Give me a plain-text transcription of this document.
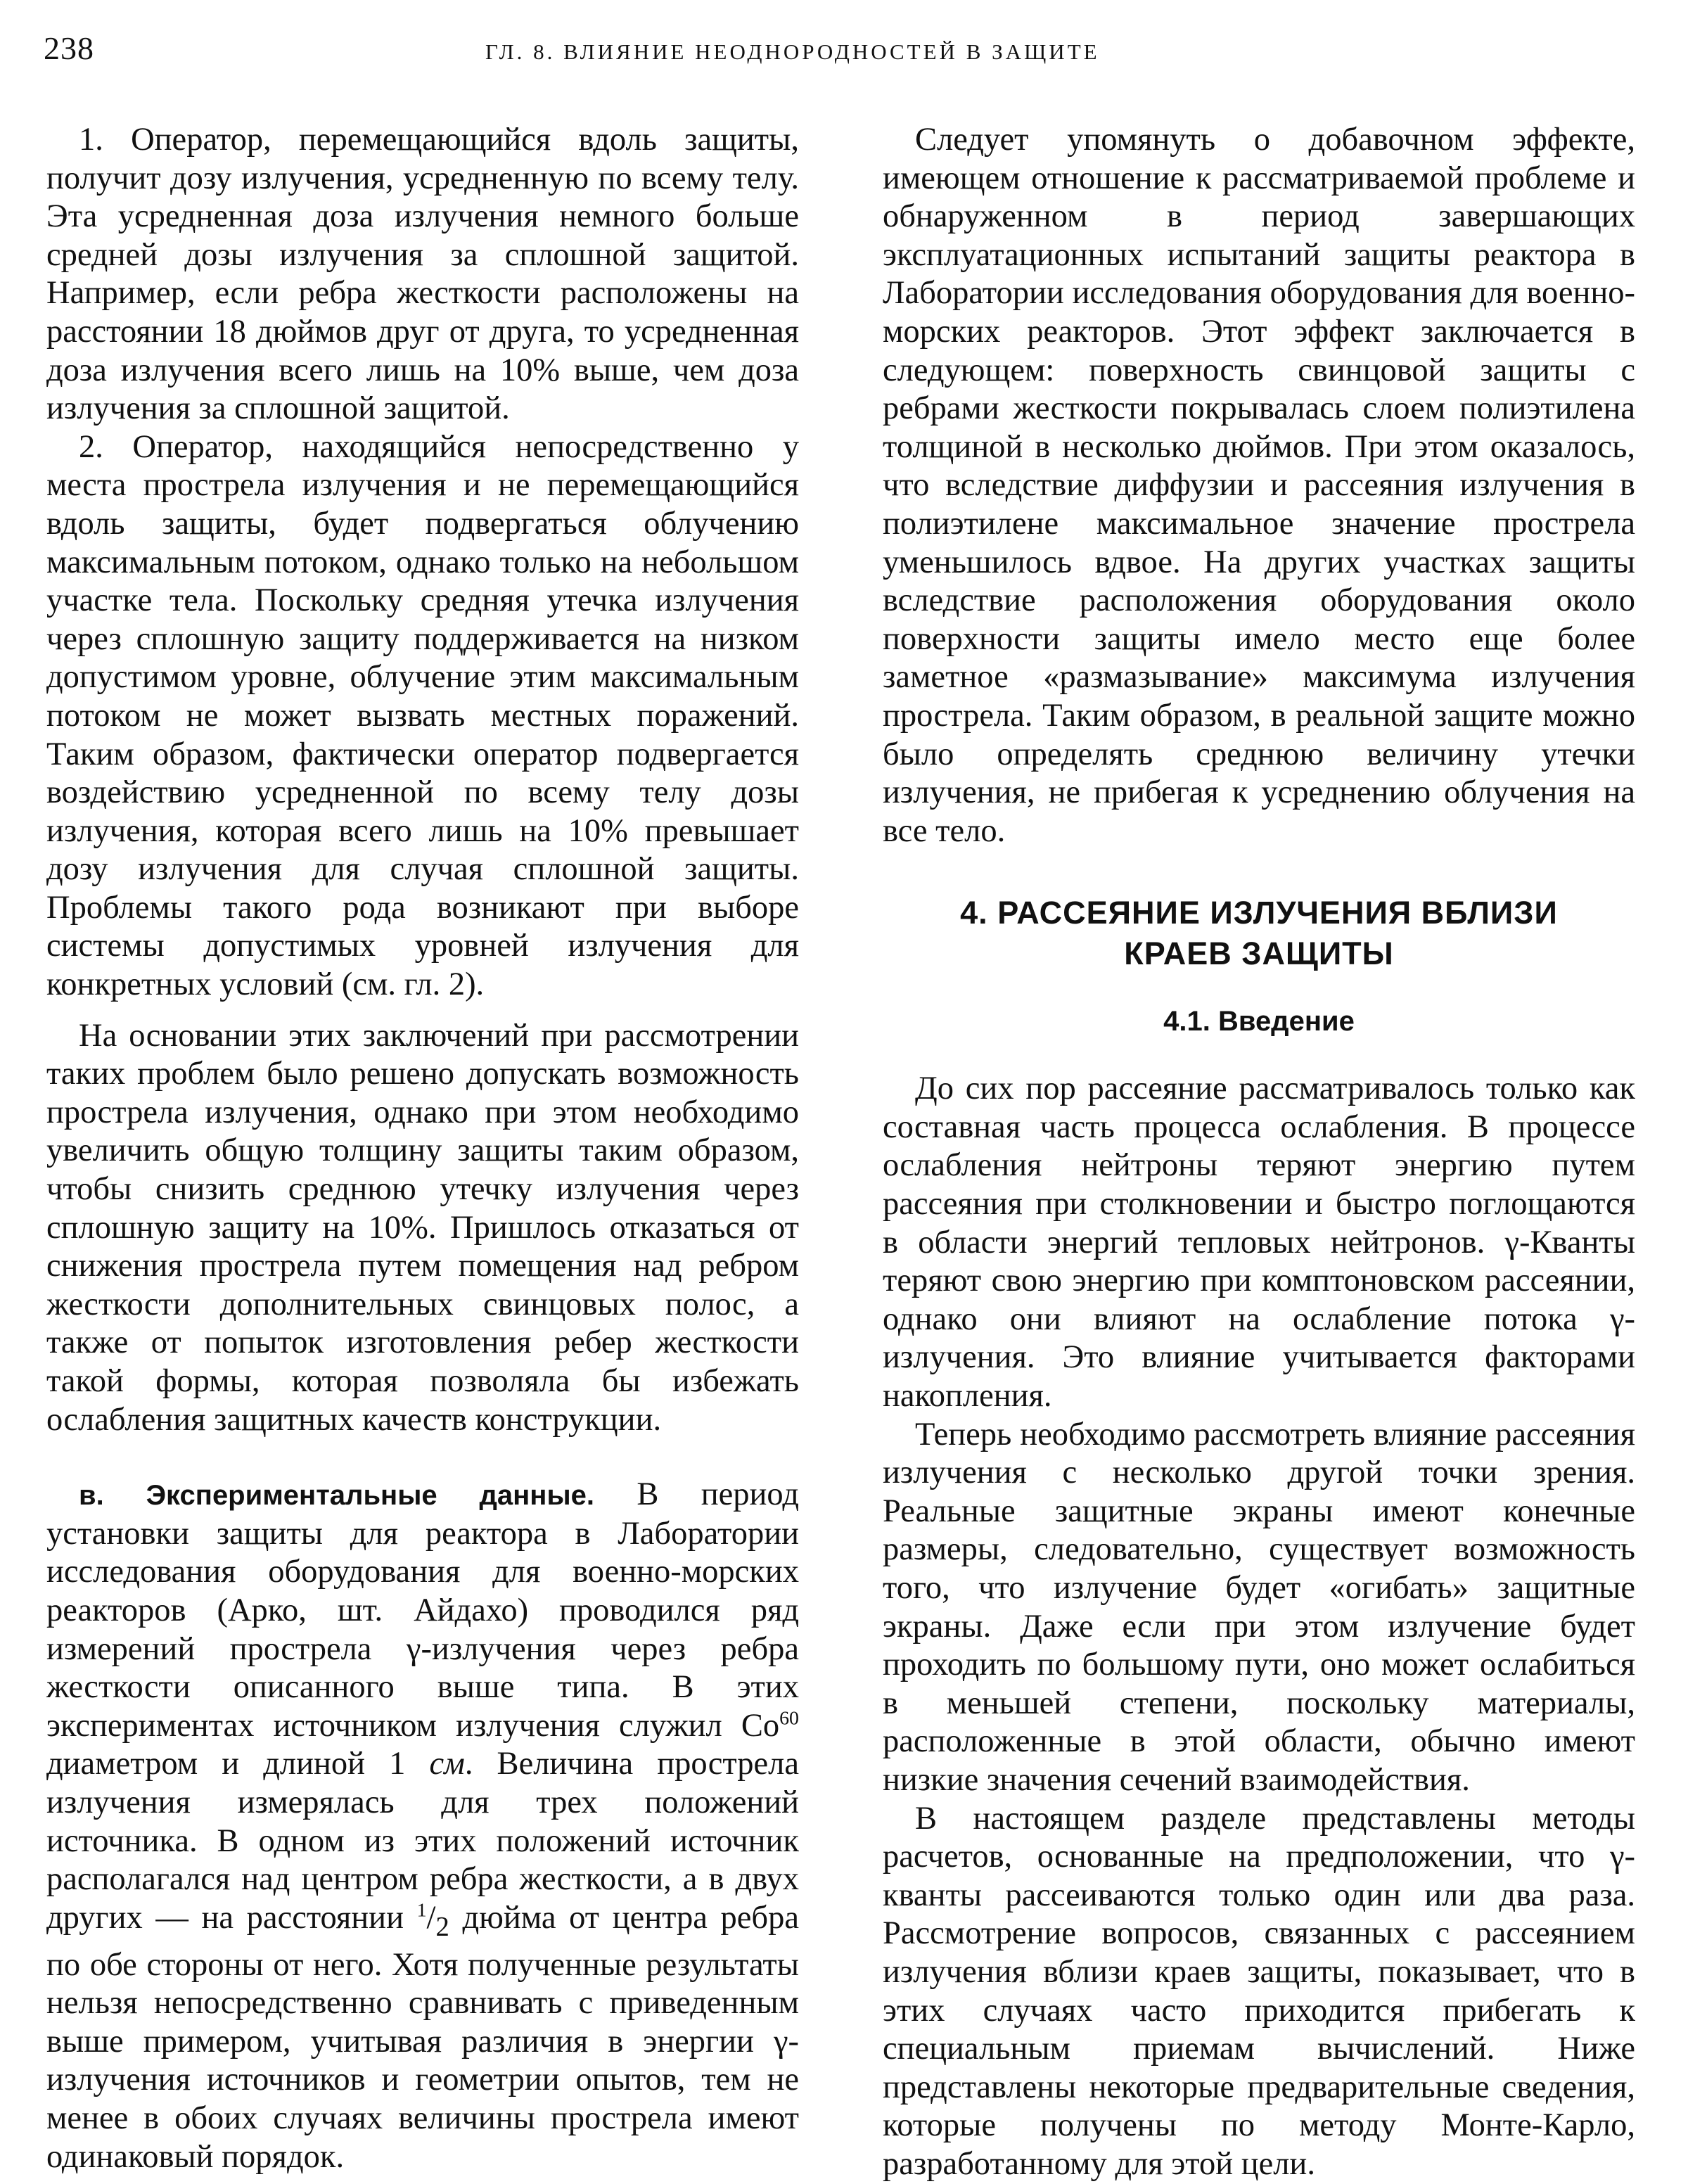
238	ГЛ. 8. ВЛИЯНИЕ НЕОДНОРОДНОСТЕЙ В ЗАЩИТЕ

1. Оператор, перемещающийся вдоль защиты, получит дозу излучения, усредненную по всему телу. Эта усредненная доза излучения немного больше средней дозы излучения за сплошной защитой. Например, если ребра жесткости расположены на расстоянии 18 дюймов друг от друга, то усредненная доза излучения всего лишь на 10% выше, чем доза излучения за сплошной защитой.

2. Оператор, находящийся непосредственно у места прострела излучения и не перемещающийся вдоль защиты, будет подвергаться облучению максимальным потоком, однако только на небольшом участке тела. Поскольку средняя утечка излучения через сплошную защиту поддерживается на низком допустимом уровне, облучение этим максимальным потоком не может вызвать местных поражений. Таким образом, фактически оператор подвергается воздействию усредненной по всему телу дозы излучения, которая всего лишь на 10% превышает дозу излучения для случая сплошной защиты. Проблемы такого рода возникают при выборе системы допустимых уровней излучения для конкретных условий (см. гл. 2).

На основании этих заключений при рассмотрении таких проблем было решено допускать возможность прострела излучения, однако при этом необходимо увеличить общую толщину защиты таким образом, чтобы снизить среднюю утечку излучения через сплошную защиту на 10%. Пришлось отказаться от снижения прострела путем помещения над ребром жесткости дополнительных свинцовых полос, а также от попыток изготовления ребер жесткости такой формы, которая позволяла бы избежать ослабления защитных качеств конструкции.

в. Экспериментальные данные. В период установки защиты для реактора в Лаборатории исследования оборудования для военно-морских реакторов (Арко, шт. Айдахо) проводился ряд измерений прострела γ-излучения через ребра жесткости описанного выше типа. В этих экспериментах источником излучения служил Co$^{60}$ диаметром и длиной 1 см. Величина прострела излучения измерялась для трех положений источника. В одном из этих положений источник располагался над центром ребра жесткости, а в двух других — на расстоянии $^1/_2$ дюйма от центра ребра по обе стороны от него. Хотя полученные результаты нельзя непосредственно сравнивать с приведенным выше примером, учитывая различия в энергии γ-излучения источников и геометрии опытов, тем не менее в обоих случаях величины прострела имеют одинаковый порядок.

Следует упомянуть о добавочном эффекте, имеющем отношение к рассматриваемой проблеме и обнаруженном в период завершающих эксплуатационных испытаний защиты реактора в Лаборатории исследования оборудования для военно-морских реакторов. Этот эффект заключается в следующем: поверхность свинцовой защиты с ребрами жесткости покрывалась слоем полиэтилена толщиной в несколько дюймов. При этом оказалось, что вследствие диффузии и рассеяния излучения в полиэтилене максимальное значение прострела уменьшилось вдвое. На других участках защиты вследствие расположения оборудования около поверхности защиты имело место еще более заметное «размазывание» максимума излучения прострела. Таким образом, в реальной защите можно было определять среднюю величину утечки излучения, не прибегая к усреднению облучения на все тело.

4. РАССЕЯНИЕ ИЗЛУЧЕНИЯ ВБЛИЗИ
КРАЕВ ЗАЩИТЫ
4.1. Введение

До сих пор рассеяние рассматривалось только как составная часть процесса ослабления. В процессе ослабления нейтроны теряют энергию путем рассеяния при столкновении и быстро поглощаются в области энергий тепловых нейтронов. γ-Кванты теряют свою энергию при комптоновском рассеянии, однако они влияют на ослабление потока γ-излучения. Это влияние учитывается факторами накопления.

Теперь необходимо рассмотреть влияние рассеяния излучения с несколько другой точки зрения. Реальные защитные экраны имеют конечные размеры, следовательно, существует возможность того, что излучение будет «огибать» защитные экраны. Даже если при этом излучение будет проходить по большому пути, оно может ослабиться в меньшей степени, поскольку материалы, расположенные в этой области, обычно имеют низкие значения сечений взаимодействия.

В настоящем разделе представлены методы расчетов, основанные на предположении, что γ-кванты рассеиваются только один или два раза. Рассмотрение вопросов, связанных с рассеянием излучения вблизи краев защиты, показывает, что в этих случаях часто приходится прибегать к специальным приемам вычислений. Ниже представлены некоторые предварительные сведения, которые получены по методу Монте-Карло, разработанному для этой цели.
